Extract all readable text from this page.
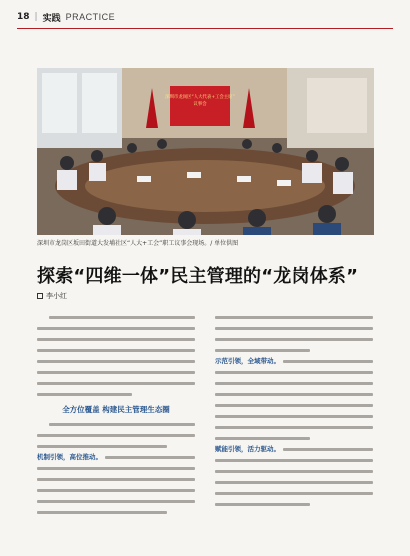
18 | 实践 PRACTICE
深圳市龙岗区“人大代表+工会主席”
议事会
深圳市龙岗区坂田街道大发埔社区“人大+工会”职工议事会现场。/ 单位供图
探索“四维一体”民主管理的“龙岗体系”
李小红
全方位覆盖 构建民主管理生态圈
机制引领，高位推动。
示范引领，全域带动。
赋能引领，活力驱动。
